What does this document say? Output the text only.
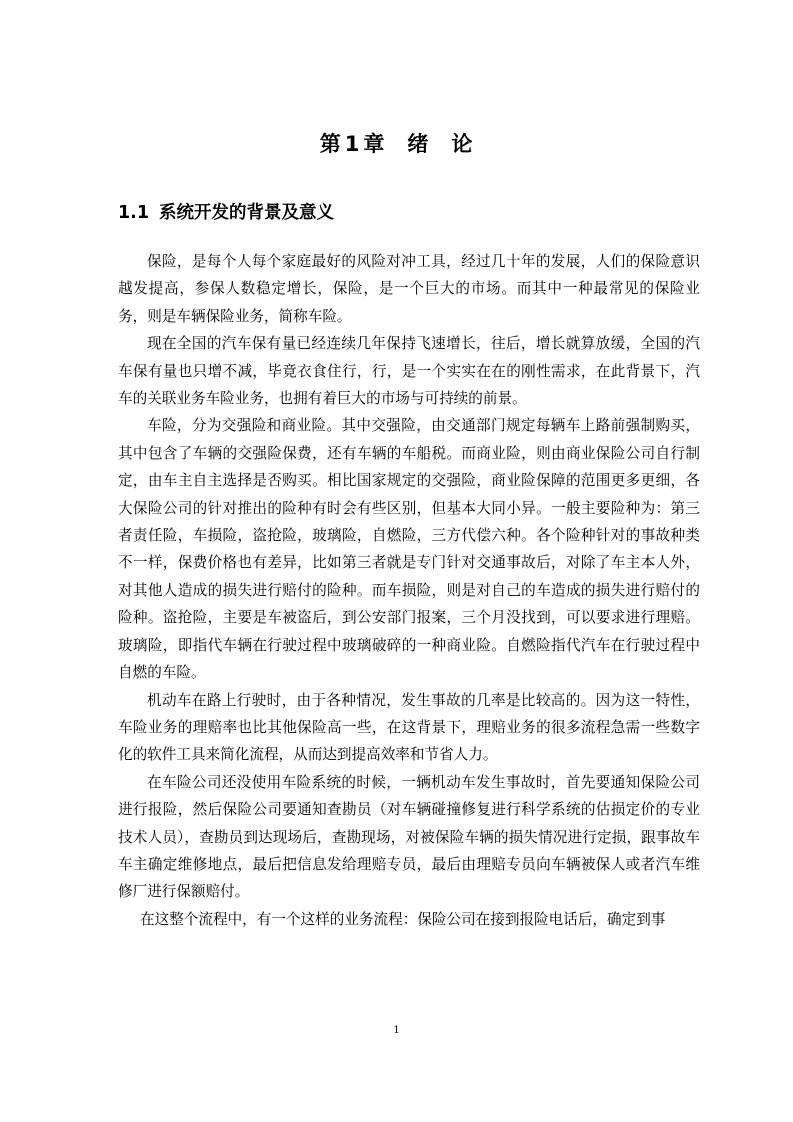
第 1 章 绪 论
1.1 系统开发的背景及意义

保险，是每个人每个家庭最好的风险对冲工具，经过几十年的发展，人们的保险意识越发提高，参保人数稳定增长，保险，是一个巨大的市场。而其中一种最常见的保险业务，则是车辆保险业务，简称车险。

现在全国的汽车保有量已经连续几年保持飞速增长，往后，增长就算放缓，全国的汽车保有量也只增不减，毕竟衣食住行，行，是一个实实在在的刚性需求，在此背景下，汽车的关联业务车险业务，也拥有着巨大的市场与可持续的前景。

车险，分为交强险和商业险。其中交强险，由交通部门规定每辆车上路前强制购买，其中包含了车辆的交强险保费，还有车辆的车船税。而商业险，则由商业保险公司自行制定，由车主自主选择是否购买。相比国家规定的交强险，商业险保障的范围更多更细，各大保险公司的针对推出的险种有时会有些区别，但基本大同小异。一般主要险种为：第三者责任险，车损险，盗抢险，玻璃险，自燃险，三方代偿六种。各个险种针对的事故种类不一样，保费价格也有差异，比如第三者就是专门针对交通事故后，对除了车主本人外，对其他人造成的损失进行赔付的险种。而车损险，则是对自己的车造成的损失进行赔付的险种。盗抢险，主要是车被盗后，到公安部门报案，三个月没找到，可以要求进行理赔。玻璃险，即指代车辆在行驶过程中玻璃破碎的一种商业险。自燃险指代汽车在行驶过程中自燃的车险。

机动车在路上行驶时，由于各种情况，发生事故的几率是比较高的。因为这一特性，车险业务的理赔率也比其他保险高一些，在这背景下，理赔业务的很多流程急需一些数字化的软件工具来简化流程，从而达到提高效率和节省人力。

在车险公司还没使用车险系统的时候，一辆机动车发生事故时，首先要通知保险公司进行报险，然后保险公司要通知查勘员（对车辆碰撞修复进行科学系统的估损定价的专业技术人员），查勘员到达现场后，查勘现场，对被保险车辆的损失情况进行定损，跟事故车车主确定维修地点，最后把信息发给理赔专员，最后由理赔专员向车辆被保人或者汽车维修厂进行保额赔付。

在这整个流程中，有一个这样的业务流程：保险公司在接到报险电话后，确定到事

1
